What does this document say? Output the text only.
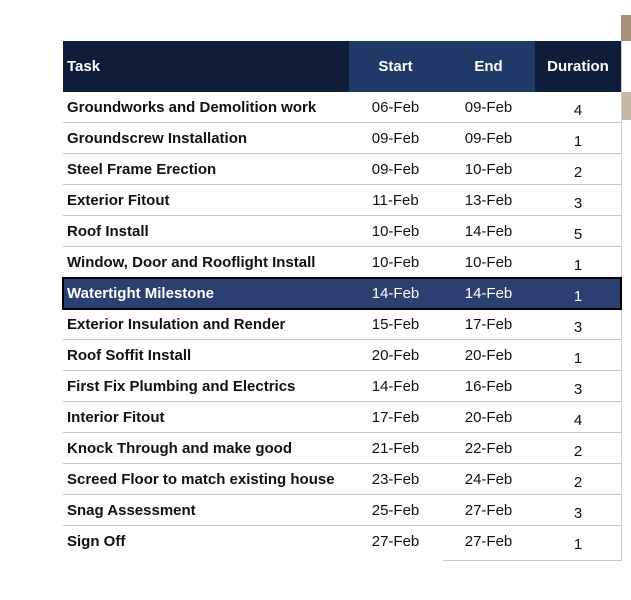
Task	Start	End	Duration
Groundworks and Demolition work	06-Feb	09-Feb	4
Groundscrew Installation	09-Feb	09-Feb	1
Steel Frame Erection	09-Feb	10-Feb	2
Exterior Fitout	11-Feb	13-Feb	3
Roof Install	10-Feb	14-Feb	5
Window, Door and Rooflight Install	10-Feb	10-Feb	1
Watertight Milestone	14-Feb	14-Feb	1
Exterior Insulation and Render	15-Feb	17-Feb	3
Roof Soffit Install	20-Feb	20-Feb	1
First Fix Plumbing and Electrics	14-Feb	16-Feb	3
Interior Fitout	17-Feb	20-Feb	4
Knock Through and make good	21-Feb	22-Feb	2
Screed Floor to match existing house	23-Feb	24-Feb	2
Snag Assessment	25-Feb	27-Feb	3
Sign Off	27-Feb	27-Feb	1
